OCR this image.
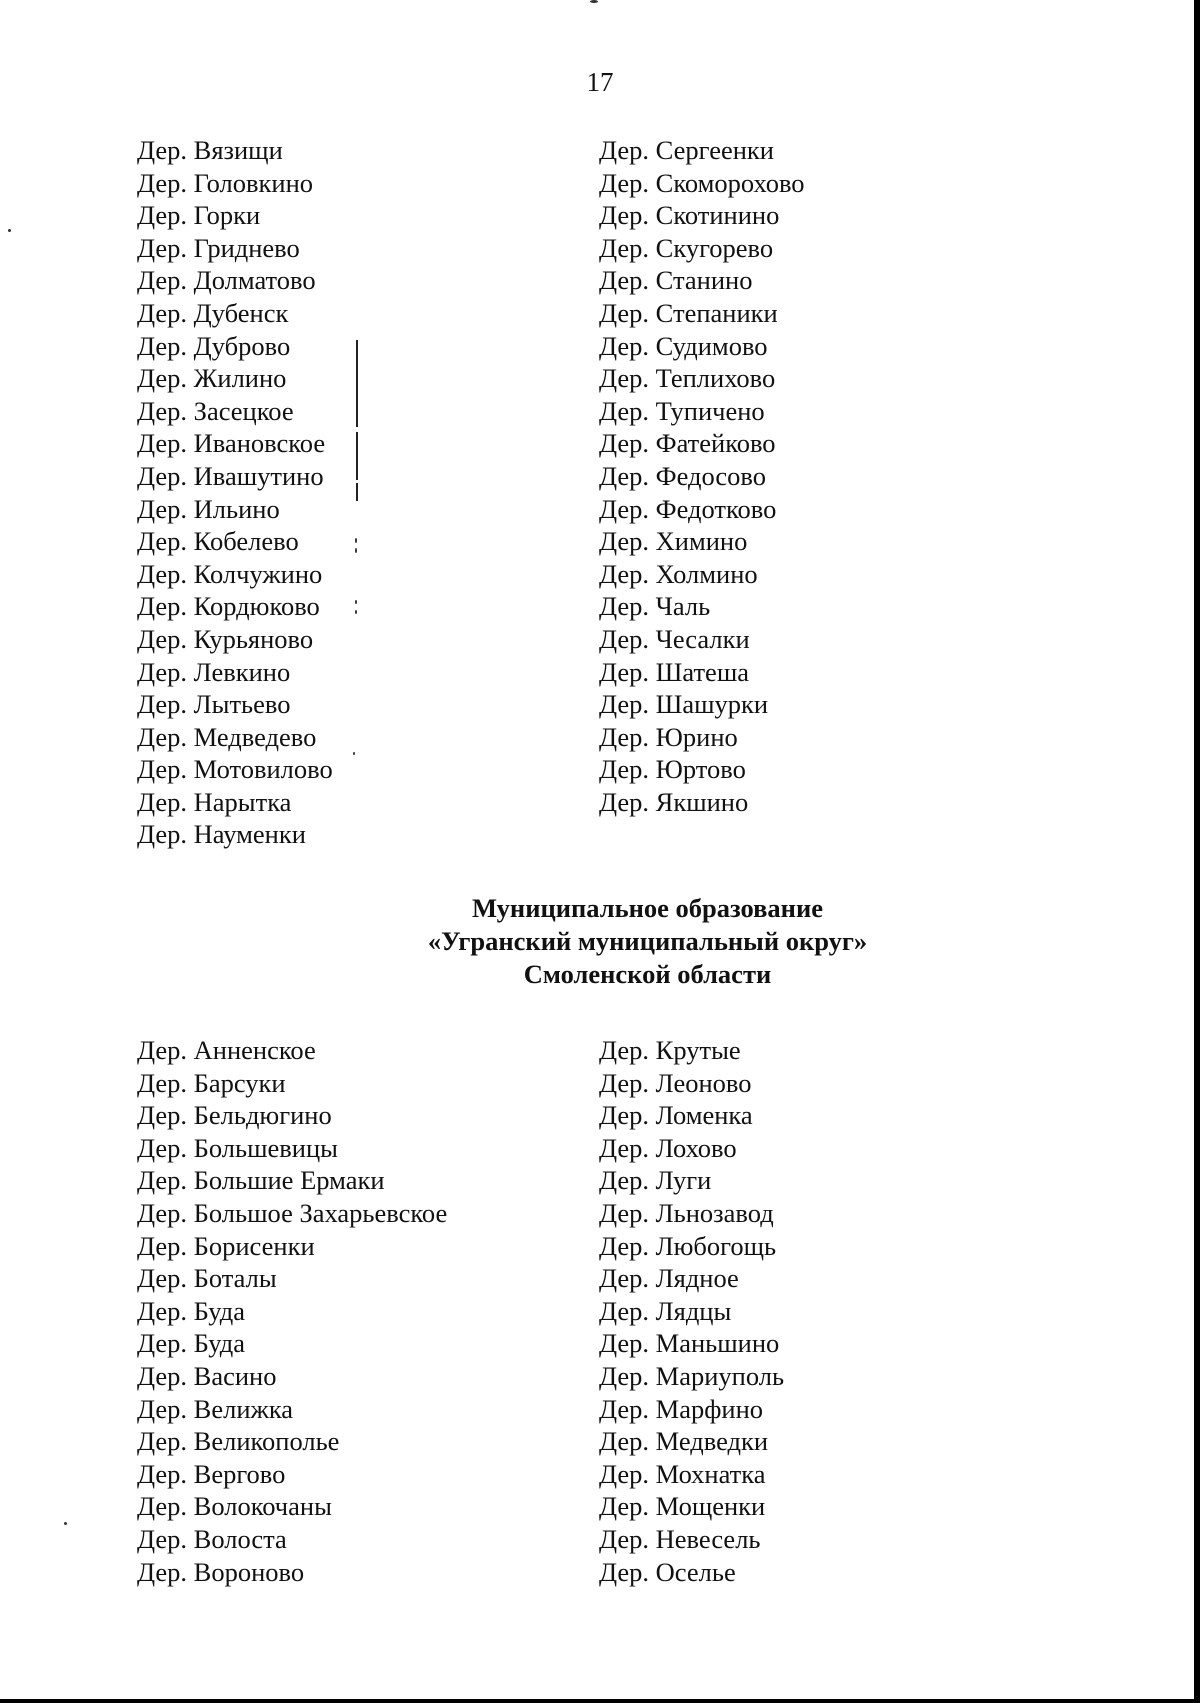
17
Дер. Вязищи
Дер. Головкино
Дер. Горки
Дер. Гриднево
Дер. Долматово
Дер. Дубенск
Дер. Дуброво
Дер. Жилино
Дер. Засецкое
Дер. Ивановское
Дер. Ивашутино
Дер. Ильино
Дер. Кобелево
Дер. Колчужино
Дер. Кордюково
Дер. Курьяново
Дер. Левкино
Дер. Лытьево
Дер. Медведево
Дер. Мотовилово
Дер. Нарытка
Дер. Науменки
Дер. Сергеенки
Дер. Скоморохово
Дер. Скотинино
Дер. Скугорево
Дер. Станино
Дер. Степаники
Дер. Судимово
Дер. Теплихово
Дер. Тупичено
Дер. Фатейково
Дер. Федосово
Дер. Федотково
Дер. Химино
Дер. Холмино
Дер. Чаль
Дер. Чесалки
Дер. Шатеша
Дер. Шашурки
Дер. Юрино
Дер. Юртово
Дер. Якшино
Муниципальное образование
«Угранский муниципальный округ»
Смоленской области
Дер. Анненское
Дер. Барсуки
Дер. Бельдюгино
Дер. Большевицы
Дер. Большие Ермаки
Дер. Большое Захарьевское
Дер. Борисенки
Дер. Боталы
Дер. Буда
Дер. Буда
Дер. Васино
Дер. Велижка
Дер. Великополье
Дер. Вергово
Дер. Волокочаны
Дер. Волоста
Дер. Вороново
Дер. Крутые
Дер. Леоново
Дер. Ломенка
Дер. Лохово
Дер. Луги
Дер. Льнозавод
Дер. Любогощь
Дер. Лядное
Дер. Лядцы
Дер. Маньшино
Дер. Мариуполь
Дер. Марфино
Дер. Медведки
Дер. Мохнатка
Дер. Мощенки
Дер. Невесель
Дер. Оселье
